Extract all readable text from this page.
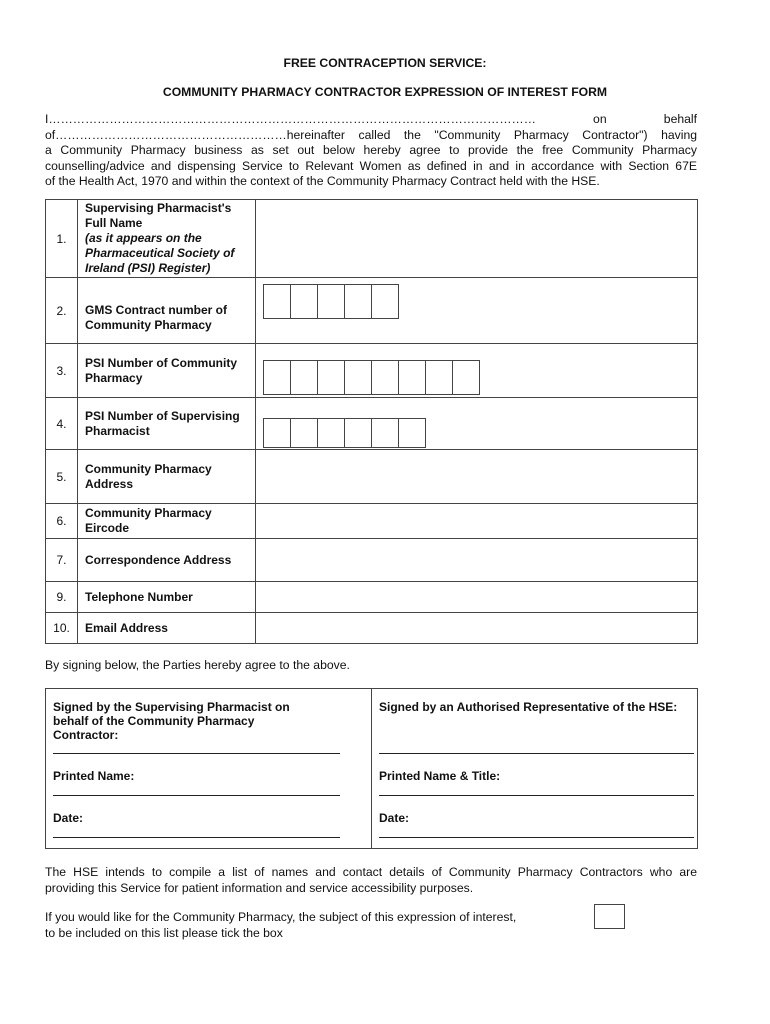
FREE CONTRACEPTION SERVICE:
COMMUNITY PHARMACY CONTRACTOR EXPRESSION OF INTEREST FORM
I………………………………………………………………………………………………………… on behalf
of…………………………………………………hereinafter called the "Community Pharmacy Contractor") having
a Community Pharmacy business as set out below hereby agree to provide the free Community Pharmacy
counselling/advice and dispensing Service to Relevant Women as defined in and in accordance with Section 67E
of the Health Act, 1970 and within the context of the Community Pharmacy Contract held with the HSE.
1.	Supervising Pharmacist's Full Name
(as it appears on the Pharmaceutical Society of Ireland (PSI) Register)	

2.	GMS Contract number of Community Pharmacy	

3.	PSI Number of Community Pharmacy	

4.	PSI Number of Supervising Pharmacist	

5.	Community Pharmacy Address	
6.	Community Pharmacy Eircode	
7.	Correspondence Address	
9.	Telephone Number	
10.	Email Address	
By signing below, the Parties hereby agree to the above.
Signed by the Supervising Pharmacist on behalf of the Community Pharmacy Contractor:
Printed Name:
Date:

Signed by an Authorised Representative of the HSE:
Printed Name & Title:
Date:
The HSE intends to compile a list of names and contact details of Community Pharmacy Contractors who are
providing this Service for patient information and service accessibility purposes.
If you would like for the Community Pharmacy, the subject of this expression of interest,
to be included on this list please tick the box
